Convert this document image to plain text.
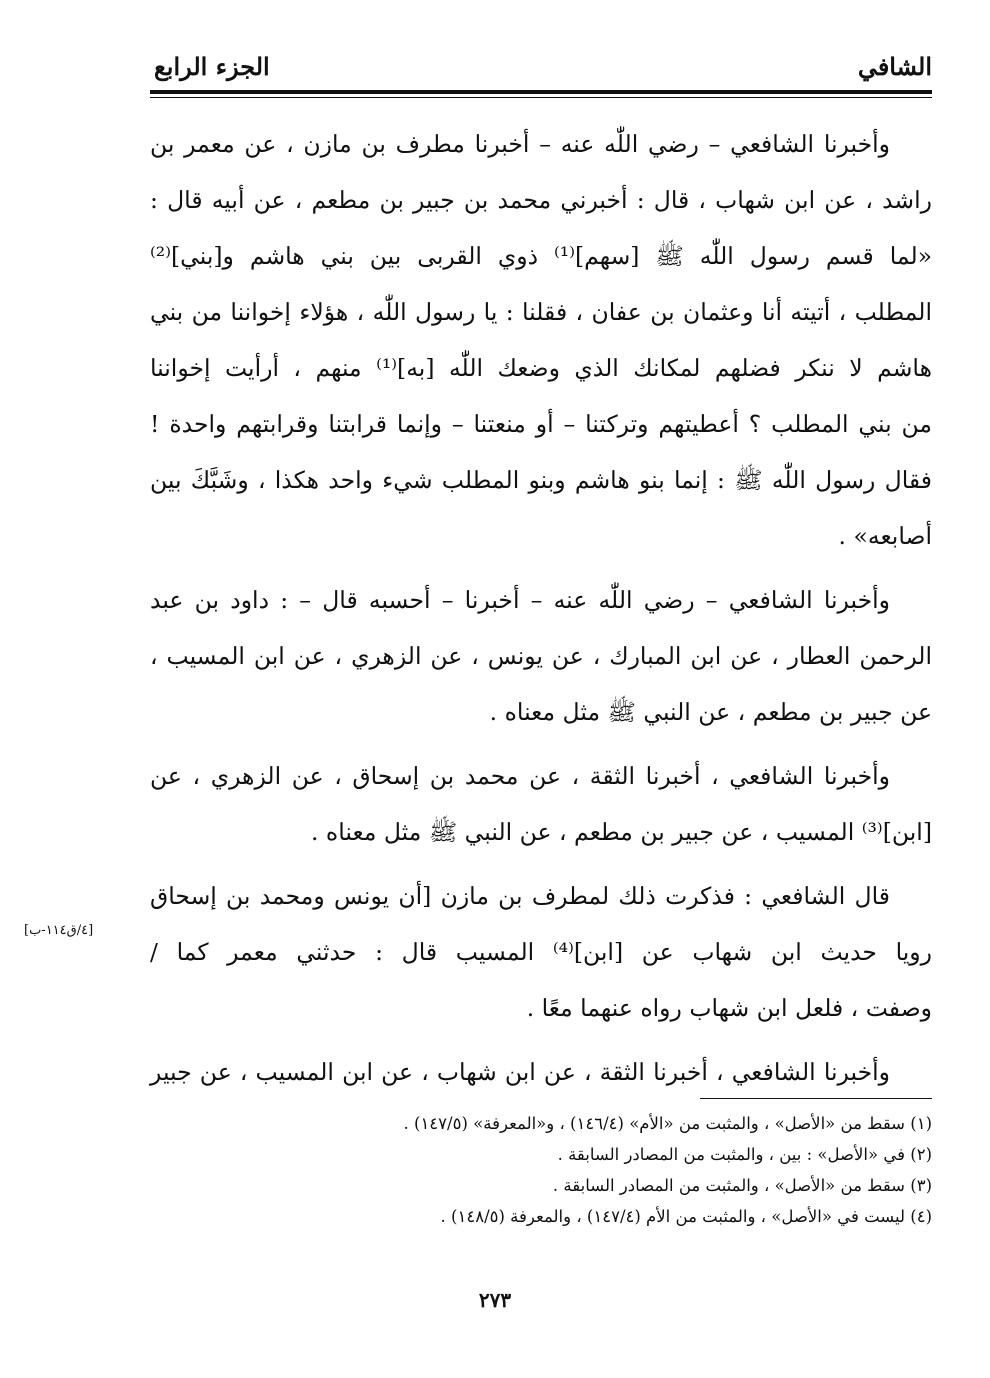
الشافي
الجزء الرابع
وأخبرنا الشافعي – رضي اللّٰه عنه – أخبرنا مطرف بن مازن ، عن معمر بن
راشد ، عن ابن شهاب ، قال : أخبرني محمد بن جبير بن مطعم ، عن أبيه قال :
«لما قسم رسول اللّٰه ﷺ [سهم]⁽¹⁾ ذوي القربى بين بني هاشم و[بني]⁽²⁾
المطلب ، أتيته أنا وعثمان بن عفان ، فقلنا : يا رسول اللّٰه ، هؤلاء إخواننا من بني
هاشم لا ننكر فضلهم لمكانك الذي وضعك اللّٰه [به]⁽¹⁾ منهم ، أرأيت إخواننا
من بني المطلب ؟ أعطيتهم وتركتنا – أو منعتنا – وإنما قرابتنا وقرابتهم واحدة !
فقال رسول اللّٰه ﷺ : إنما بنو هاشم وبنو المطلب شيء واحد هكذا ، وشَبَّكَ بين
أصابعه» .
وأخبرنا الشافعي – رضي اللّٰه عنه – أخبرنا – أحسبه قال – : داود بن عبد
الرحمن العطار ، عن ابن المبارك ، عن يونس ، عن الزهري ، عن ابن المسيب ،
عن جبير بن مطعم ، عن النبي ﷺ مثل معناه .
وأخبرنا الشافعي ، أخبرنا الثقة ، عن محمد بن إسحاق ، عن الزهري ، عن
[ابن]⁽³⁾ المسيب ، عن جبير بن مطعم ، عن النبي ﷺ مثل معناه .
قال الشافعي : فذكرت ذلك لمطرف بن مازن [أن يونس ومحمد بن إسحاق
رويا حديث ابن شهاب عن [ابن]⁽⁴⁾ المسيب قال : حدثني معمر كما /
وصفت ، فلعل ابن شهاب رواه عنهما معًا .
وأخبرنا الشافعي ، أخبرنا الثقة ، عن ابن شهاب ، عن ابن المسيب ، عن جبير
[٤/ق١١٤-ب]
(١) سقط من «الأصل» ، والمثبت من «الأم» (١٤٦/٤) ، و«المعرفة» (١٤٧/٥) .
(٢) في «الأصل» : بين ، والمثبت من المصادر السابقة .
(٣) سقط من «الأصل» ، والمثبت من المصادر السابقة .
(٤) ليست في «الأصل» ، والمثبت من الأم (١٤٧/٤) ، والمعرفة (١٤٨/٥) .
٢٧٣
